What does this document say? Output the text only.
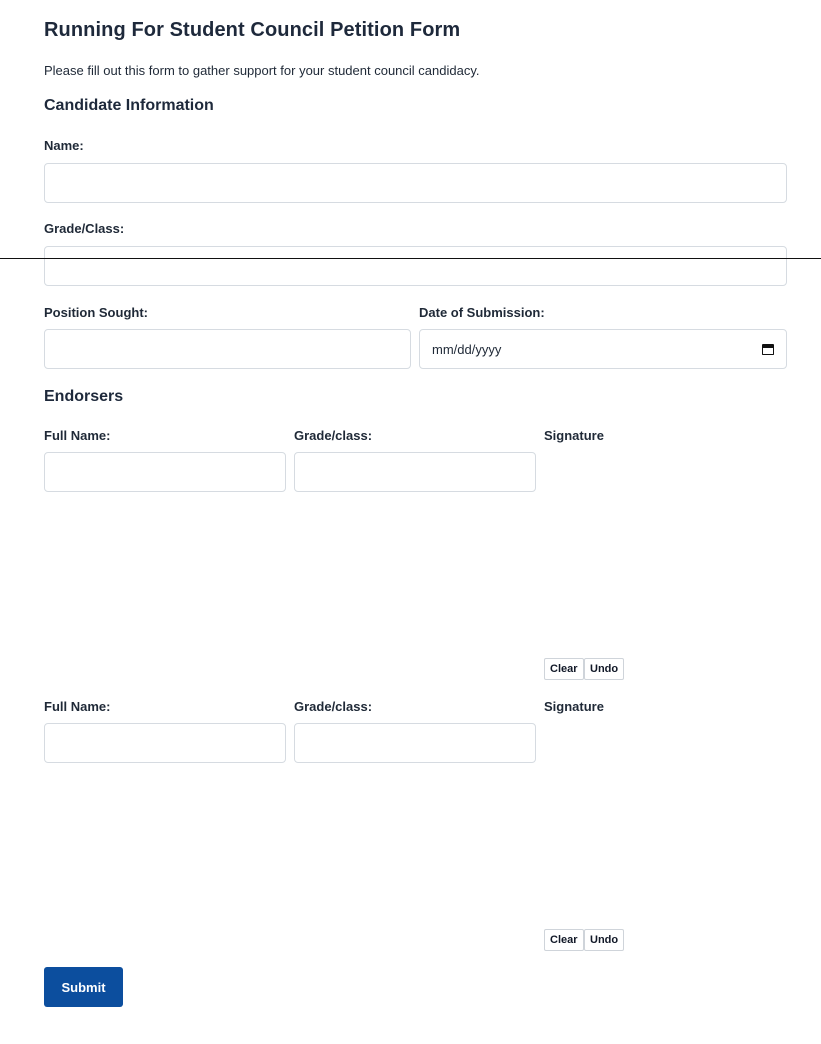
Running For Student Council Petition Form

Please fill out this form to gather support for your student council candidacy.

Candidate Information
Name:
Grade/Class:
Position Sought:	Date of Submission:
mm/dd/yyyy
Endorsers
Full Name:	Grade/class:	Signature
Clear	Undo
Full Name:	Grade/class:	Signature
Clear	Undo
Submit
